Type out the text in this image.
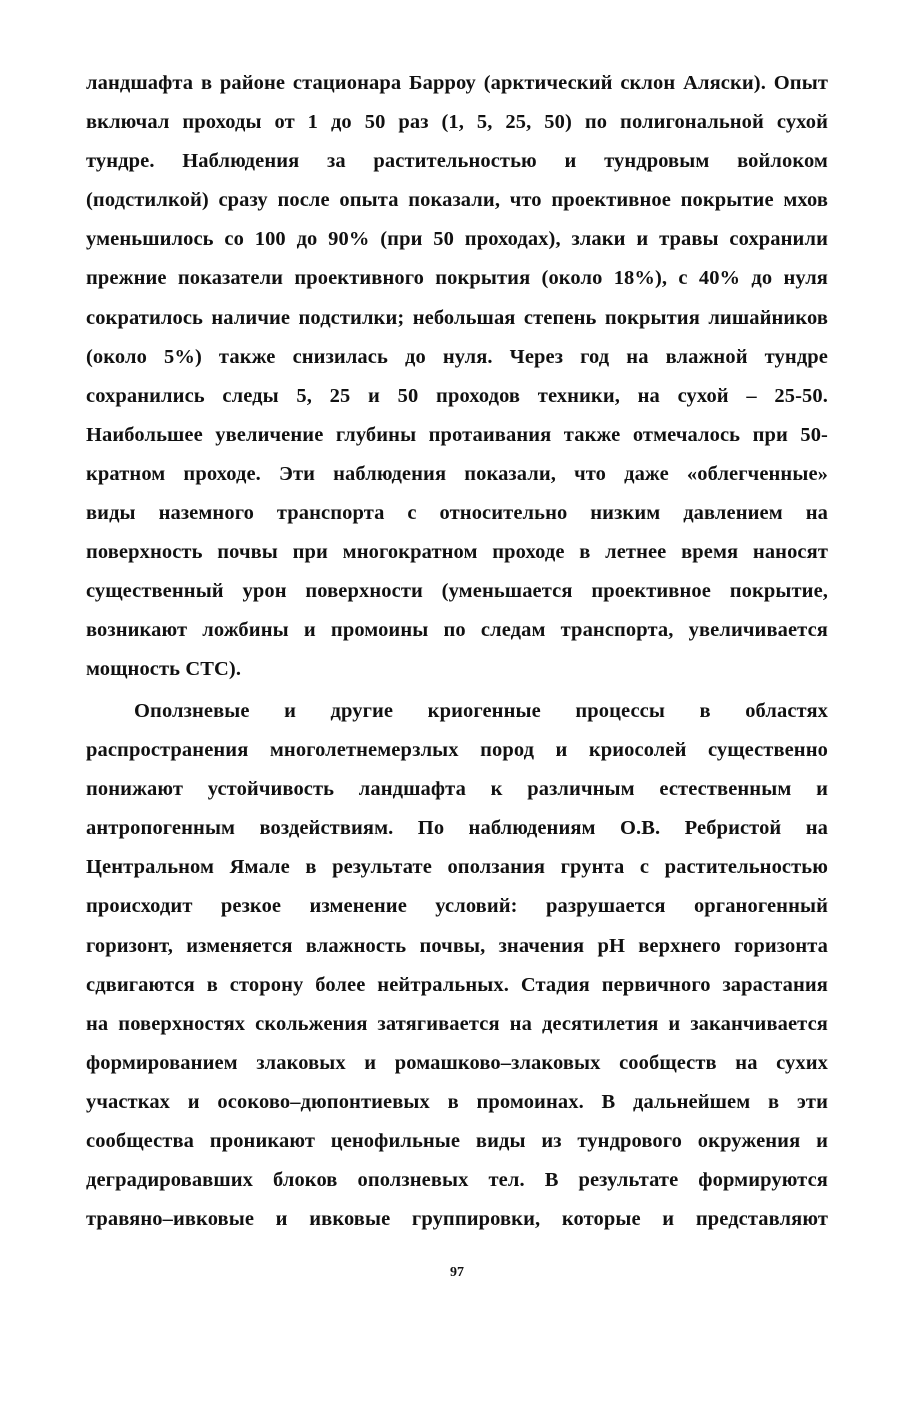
ландшафта в районе стационара Барроу (арктический склон Аляски). Опыт
включал проходы от 1 до 50 раз (1, 5, 25, 50) по полигональной сухой
тундре. Наблюдения за растительностью и тундровым войлоком
(подстилкой) сразу после опыта показали, что проективное покрытие мхов
уменьшилось со 100 до 90% (при 50 проходах), злаки и травы сохранили
прежние показатели проективного покрытия (около 18%), с 40% до нуля
сократилось наличие подстилки; небольшая степень покрытия лишайников
(около 5%) также снизилась до нуля. Через год на влажной тундре
сохранились следы 5, 25 и 50 проходов техники, на сухой – 25-50.
Наибольшее увеличение глубины протаивания также отмечалось при 50-
кратном проходе. Эти наблюдения показали, что даже «облегченные»
виды наземного транспорта с относительно низким давлением на
поверхность почвы при многократном проходе в летнее время наносят
существенный урон поверхности (уменьшается проективное покрытие,
возникают ложбины и промоины по следам транспорта, увеличивается
мощность СТС).
Оползневые и другие криогенные процессы в областях
распространения многолетнемерзлых пород и криосолей существенно
понижают устойчивость ландшафта к различным естественным и
антропогенным воздействиям. По наблюдениям О.В. Ребристой на
Центральном Ямале в результате оползания грунта с растительностью
происходит резкое изменение условий: разрушается органогенный
горизонт, изменяется влажность почвы, значения pH верхнего горизонта
сдвигаются в сторону более нейтральных. Стадия первичного зарастания
на поверхностях скольжения затягивается на десятилетия и заканчивается
формированием злаковых и ромашково–злаковых сообществ на сухих
участках и осоково–дюпонтиевых в промоинах. В дальнейшем в эти
сообщества проникают ценофильные виды из тундрового окружения и
деградировавших блоков оползневых тел. В результате формируются
травяно–ивковые и ивковые группировки, которые и представляют
97
